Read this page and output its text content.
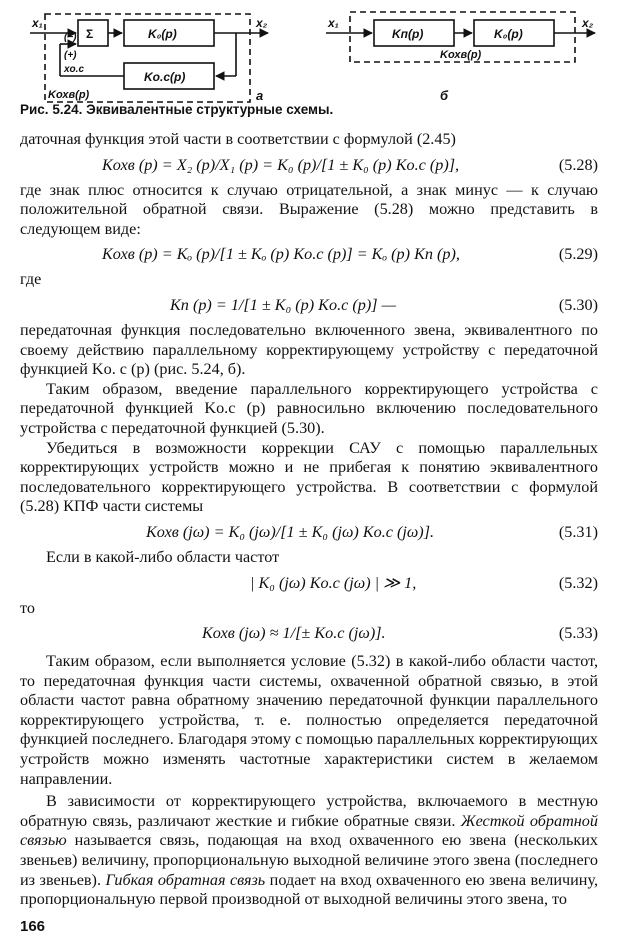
x₁
Σ	K₀(p)
x₂
(−)
(+)
xо.с
Kо.с(p)
Kохв(p)	a
x₁
Kп(p)	K₀(p)
x₂
Kохв(p)
б
Рис. 5.24. Эквивалентные структурные схемы.

даточная функция этой части в соответствии с формулой (2.45)

Kохв (p) = X₂ (p)/X₁ (p) = K₀ (p)/[1 ± K₀ (p) Kо.с (p)],	(5.28)

где знак плюс относится к случаю отрицательной, а знак минус — к случаю положительной обратной связи. Выражение (5.28) можно представить в следующем виде:

Kохв (p) = Kₒ (p)/[1 ± Kₒ (p) Kо.с (p)] = Kₒ (p) Kп (p),	(5.29)

где

Kп (p) = 1/[1 ± K₀ (p) Kо.с (p)] —	(5.30)

передаточная функция последовательно включенного звена, эквивалентного по своему действию параллельному корректирующему устройству с передаточной функцией Kо. с (p) (рис. 5.24, б).

Таким образом, введение параллельного корректирующего устройства с передаточной функцией Kо.с (p) равносильно включению последовательного устройства с передаточной функцией (5.30).

Убедиться в возможности коррекции САУ с помощью параллельных корректирующих устройств можно и не прибегая к понятию эквивалентного последовательного корректирующего устройства. В соответствии с формулой (5.28) КПФ части системы

Kохв (jω) = K₀ (jω)/[1 ± K₀ (jω) Kо.с (jω)].	(5.31)

Если в какой-либо области частот

| K₀ (jω) Kо.с (jω) | ≫ 1,	(5.32)

то

Kохв (jω) ≈ 1/[± Kо.с (jω)].	(5.33)

Таким образом, если выполняется условие (5.32) в какой-либо области частот, то передаточная функция части системы, охваченной обратной связью, в этой области частот равна обратному значению передаточной функции параллельного корректирующего устройства, т. е. полностью определяется передаточной функцией последнего. Благодаря этому с помощью параллельных корректирующих устройств можно изменять частотные характеристики систем в желаемом направлении.

В зависимости от корректирующего устройства, включаемого в местную обратную связь, различают жесткие и гибкие обратные связи. Жесткой обратной связью называется связь, подающая на вход охваченного ею звена (нескольких звеньев) величину, пропорциональную выходной величине этого звена (последнего из звеньев). Гибкая обратная связь подает на вход охваченного ею звена величину, пропорциональную первой производной от выходной величины этого звена, то

166
